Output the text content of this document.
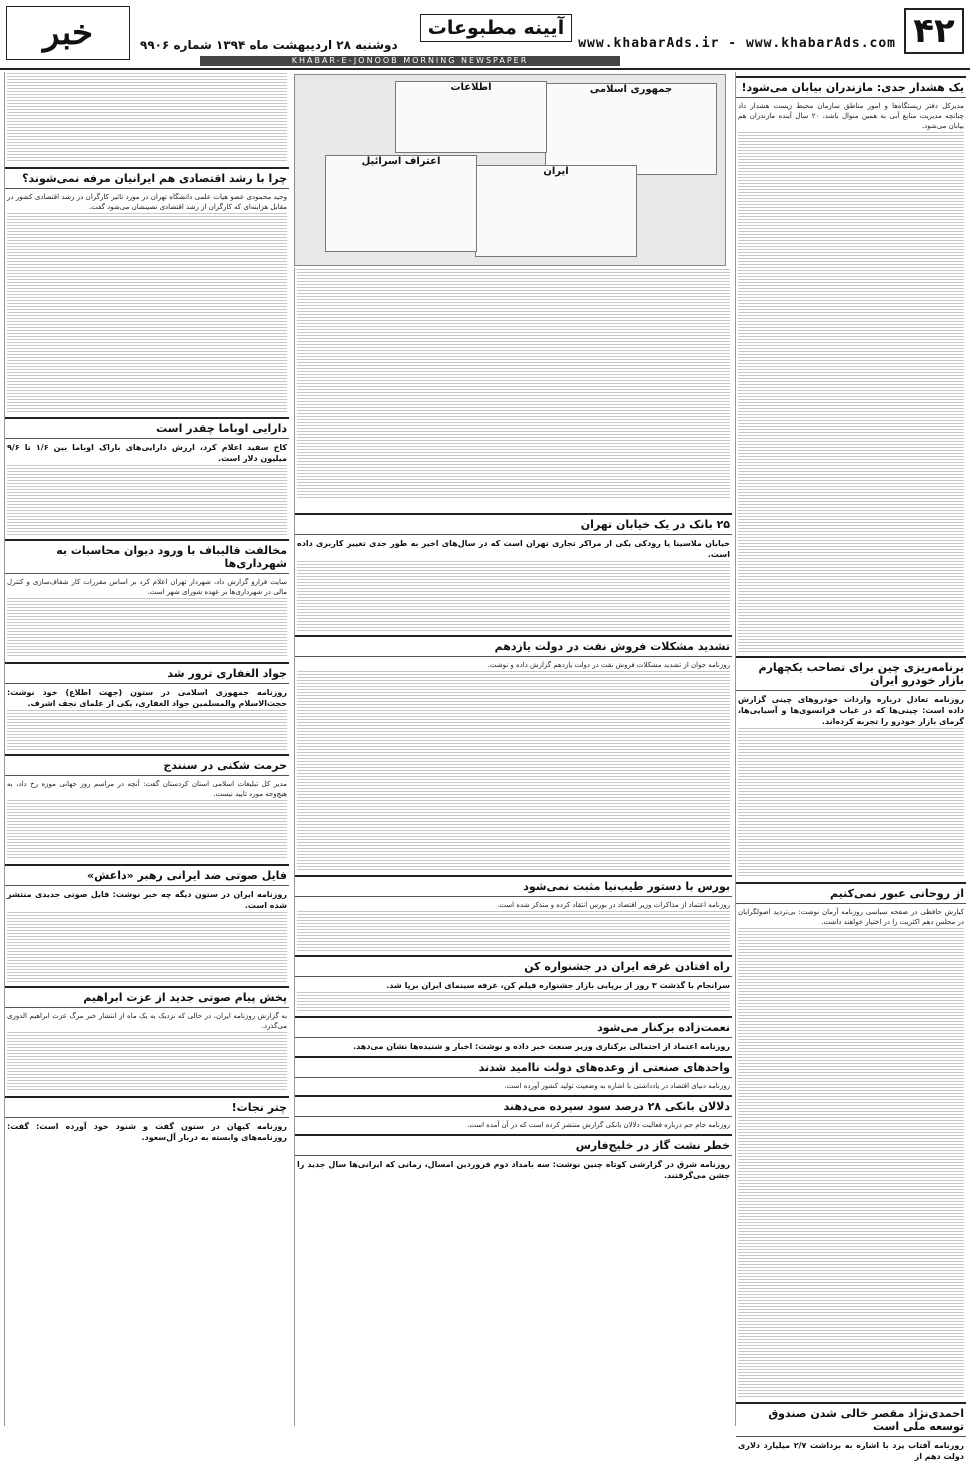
۴۲
www.khabarAds.ir - www.khabarAds.com
آیینه مطبوعات
دوشنبه ۲۸ اردیبهشت ماه ۱۳۹۴ شماره ۹۹۰۶
خبر
KHABAR-E-JONOOB MORNING NEWSPAPER
جمهوری اسلامی
اطلاعات
ایران
اعتراف اسرائیل
یک هشدار جدی: مازندران بیابان می‌شود!
مدیرکل دفتر زیستگاه‌ها و امور مناطق سازمان محیط زیست هشدار داد چنانچه مدیریت منابع آبی به همین منوال باشد، ۲۰ سال آینده مازندران هم بیابان می‌شود.
برنامه‌ریزی چین برای تصاحب یکچهارم بازار خودرو ایران
روزنامه تعادل درباره واردات خودروهای چینی گزارش داده است: چینی‌ها که در غیاب فرانسوی‌ها و آسیایی‌ها، گرمای بازار خودرو را تجربه کرده‌اند.
از روحانی عبور نمی‌کنیم
کیارش حافظی در صفحه سیاسی روزنامه آرمان نوشت: بی‌تردید اصولگرایان در مجلس دهم اکثریت را در اختیار خواهند داشت.
احمدی‌نژاد مقصر خالی شدن صندوق توسعه ملی است
روزنامه آفتاب یزد با اشاره به برداشت ۲/۷ میلیارد دلاری دولت دهم از
۲۵ بانک در یک خیابان تهران
خیابان ملاسینا یا رودکی یکی از مراکز تجاری تهران است که در سال‌های اخیر به طور جدی تغییر کاربری داده است.
تشدید مشکلات فروش نفت در دولت یازدهم
روزنامه جوان از تشدید مشکلات فروش نفت در دولت یازدهم گزارش داده و نوشت.
بورس با دستور طیب‌نیا مثبت نمی‌شود
روزنامه اعتماد از مذاکرات وزیر اقتصاد در بورس انتقاد کرده و متذکر شده است.
راه افتادن غرفه ایران در جشنواره کن
سرانجام با گذشت ۳ روز از برپایی بازار جشنواره فیلم کن، غرفه سینمای ایران برپا شد.
نعمت‌زاده برکنار می‌شود
روزنامه اعتماد از احتمالی برکناری وزیر صنعت خبر داده و نوشت: اخبار و شنیده‌ها نشان می‌دهد.
واحدهای صنعتی از وعده‌های دولت ناامید شدند
روزنامه دنیای اقتصاد در یادداشتی با اشاره به وضعیت تولید کشور آورده است.
دلالان بانکی ۲۸ درصد سود سپرده می‌دهند
روزنامه جام جم درباره فعالیت دلالان بانکی گزارش منتشر کرده است که در آن آمده است.
خطر نشت گاز در خلیج‌فارس
روزنامه شرق در گزارشی کوتاه چنین نوشت: سه بامداد دوم فروردین امسال، زمانی که ایرانی‌ها سال جدید را جشن می‌گرفتند.
چرا با رشد اقتصادی هم ایرانیان مرفه نمی‌شوند؟
وحید محمودی عضو هیات علمی دانشگاه تهران در مورد تاثیر کارگران در رشد اقتصادی کشور در مقابل هزاینه‌ای که کارگران از رشد اقتصادی نصیبشان می‌شود گفت.
دارایی اوباما چقدر است
کاخ سفید اعلام کرد، ارزش دارایی‌های باراک اوباما بین ۱/۶ تا ۹/۶ میلیون دلار است.
مخالفت قالیباف با ورود دیوان محاسبات به شهرداری‌ها
سایت فرارو گزارش داد، شهردار تهران اعلام کرد بر اساس مقررات کار شفاف‌سازی و کنترل مالی در شهرداری‌ها بر عهده شورای شهر است.
جواد الغفاری ترور شد
روزنامه جمهوری اسلامی در ستون (جهت اطلاع) خود نوشت: حجت‌الاسلام والمسلمین جواد الغفاری، یکی از علمای نجف اشرف.
حرمت شکنی در سنندج
مدیر کل تبلیغات اسلامی استان کردستان گفت: آنچه در مراسم روز جهانی موزه رخ داد، به هیچ‌وجه مورد تایید نیست.
فایل صوتی ضد ایرانی رهبر «داعش»
روزنامه ایران در ستون دیگه چه خبر نوشت: فایل صوتی جدیدی منتشر شده است.
پخش پیام صوتی جدید از عزت ابراهیم
به گزارش روزنامه ایران، در حالی که نزدیک به یک ماه از انتشار خبر مرگ عزت ابراهیم الدوری می‌گذرد.
چتر نجات!
روزنامه کیهان در ستون گفت و شنود خود آورده است: گفت: روزنامه‌های وابسته به دربار آل‌سعود.
